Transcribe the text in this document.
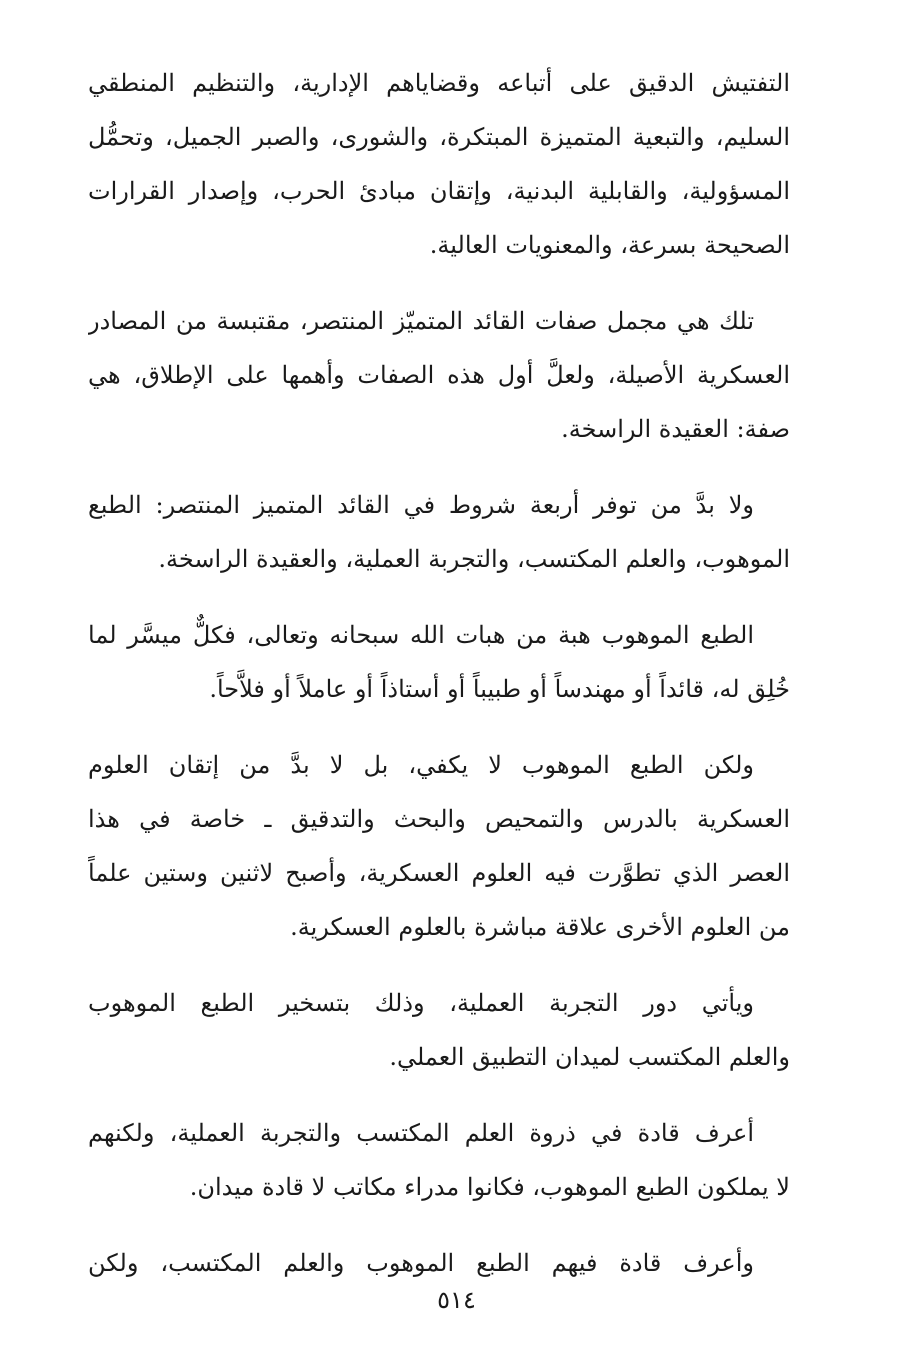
التفتيش الدقيق على أتباعه وقضاياهم الإدارية، والتنظيم المنطقي
السليم، والتبعية المتميزة المبتكرة، والشورى، والصبر الجميل، وتحمُّل
المسؤولية، والقابلية البدنية، وإتقان مبادئ الحرب، وإصدار القرارات
الصحيحة بسرعة، والمعنويات العالية.
تلك هي مجمل صفات القائد المتميّز المنتصر، مقتبسة من المصادر
العسكرية الأصيلة، ولعلَّ أول هذه الصفات وأهمها على الإطلاق، هي
صفة: العقيدة الراسخة.
ولا بدَّ من توفر أربعة شروط في القائد المتميز المنتصر: الطبع
الموهوب، والعلم المكتسب، والتجربة العملية، والعقيدة الراسخة.
الطبع الموهوب هبة من هبات الله سبحانه وتعالى، فكلٌّ ميسَّر لما
خُلِق له، قائداً أو مهندساً أو طبيباً أو أستاذاً أو عاملاً أو فلاَّحاً.
ولكن الطبع الموهوب لا يكفي، بل لا بدَّ من إتقان العلوم
العسكرية بالدرس والتمحيص والبحث والتدقيق ـ خاصة في هذا
العصر الذي تطوَّرت فيه العلوم العسكرية، وأصبح لاثنين وستين علماً
من العلوم الأخرى علاقة مباشرة بالعلوم العسكرية.
ويأتي دور التجربة العملية، وذلك بتسخير الطبع الموهوب
والعلم المكتسب لميدان التطبيق العملي.
أعرف قادة في ذروة العلم المكتسب والتجربة العملية، ولكنهم
لا يملكون الطبع الموهوب، فكانوا مدراء مكاتب لا قادة ميدان.
وأعرف قادة فيهم الطبع الموهوب والعلم المكتسب، ولكن
٥١٤
